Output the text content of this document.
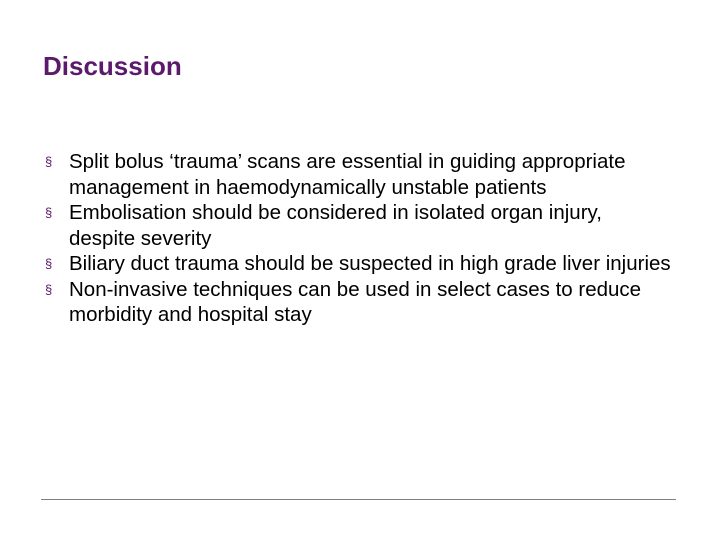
Discussion
§ Split bolus ‘trauma’ scans are essential in guiding appropriate management in haemodynamically unstable patients
§ Embolisation should be considered in isolated organ injury, despite severity
§ Biliary duct trauma should be suspected in high grade liver injuries
§ Non-invasive techniques can be used in select cases to reduce morbidity and hospital stay
